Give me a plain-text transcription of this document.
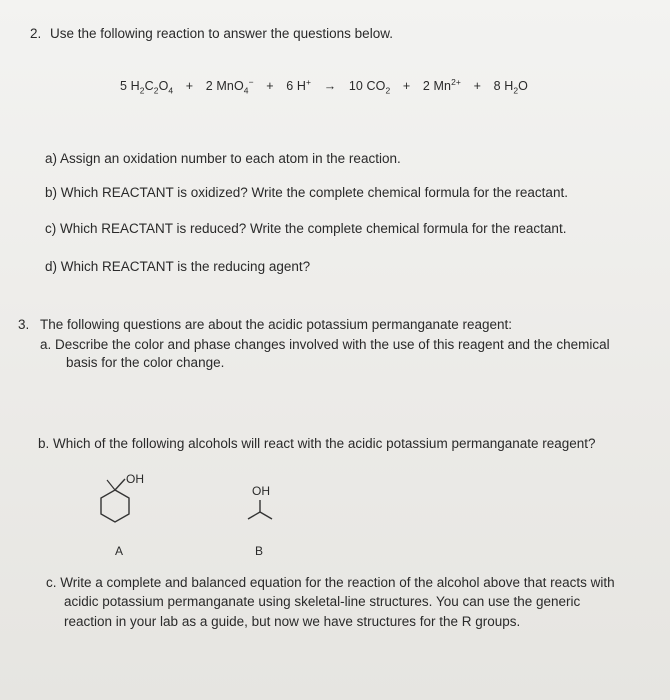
2. Use the following reaction to answer the questions below.
5 $H_2C_2O_4 + 2$ MnO$_4$− + 6 H+ → 10 $CO_2 + 2$ $Mn^{2+} + 8$ $H_2O$
a) Assign an oxidation number to each atom in the reaction.
b) Which REACTANT is oxidized? Write the complete chemical formula for the reactant.
c) Which REACTANT is reduced? Write the complete chemical formula for the reactant.
d) Which REACTANT is the reducing agent?
3. The following questions are about the acidic potassium permanganate reagent:
a. Describe the color and phase changes involved with the use of this reagent and the chemical
basis for the color change.
b. Which of the following alcohols will react with the acidic potassium permanganate reagent?
OH
A
OH
B
c. Write a complete and balanced equation for the reaction of the alcohol above that reacts with
acidic potassium permanganate using skeletal-line structures. You can use the generic
reaction in your lab as a guide, but now we have structures for the R groups.
